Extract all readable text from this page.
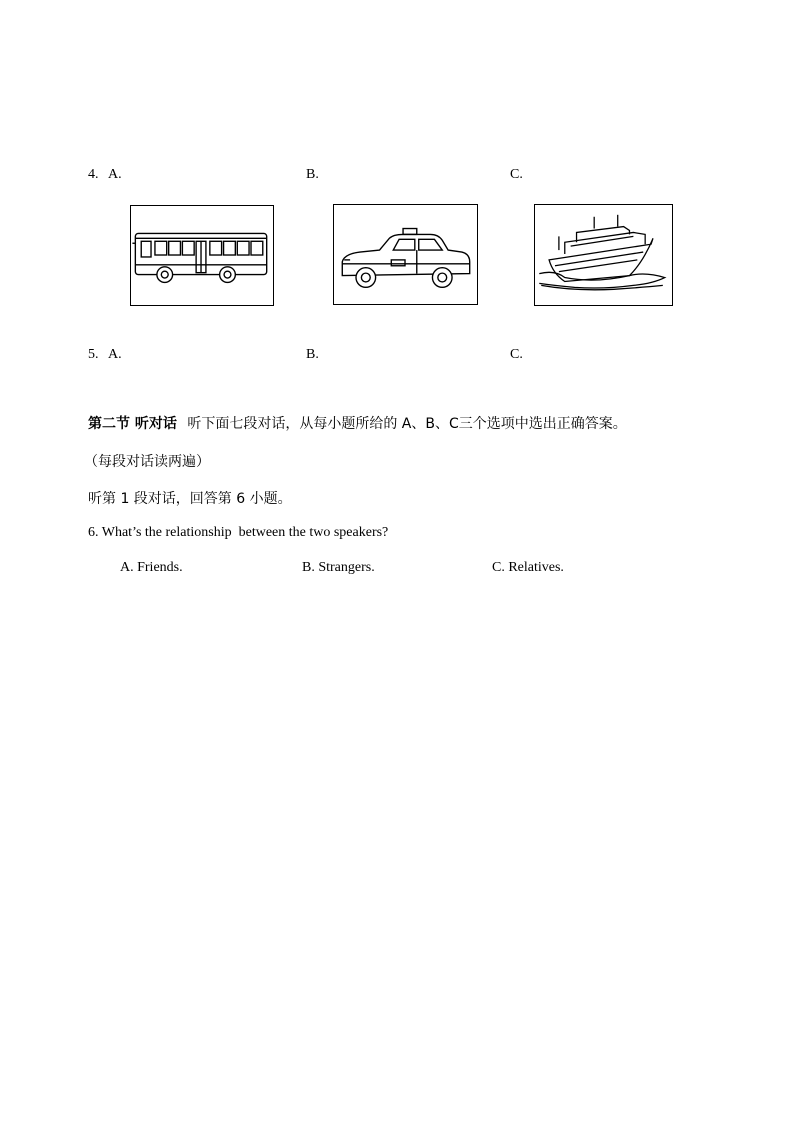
4. A.	B.	C.
5. A.	B.	C.
第二节 听对话 听下面七段对话，从每小题所给的 A、B、C三个选项中选出正确答案。
（每段对话读两遍）
听第 1 段对话，回答第 6 小题。
6. What’s the relationship  between the two speakers?
A. Friends.	B. Strangers.	C. Relatives.
